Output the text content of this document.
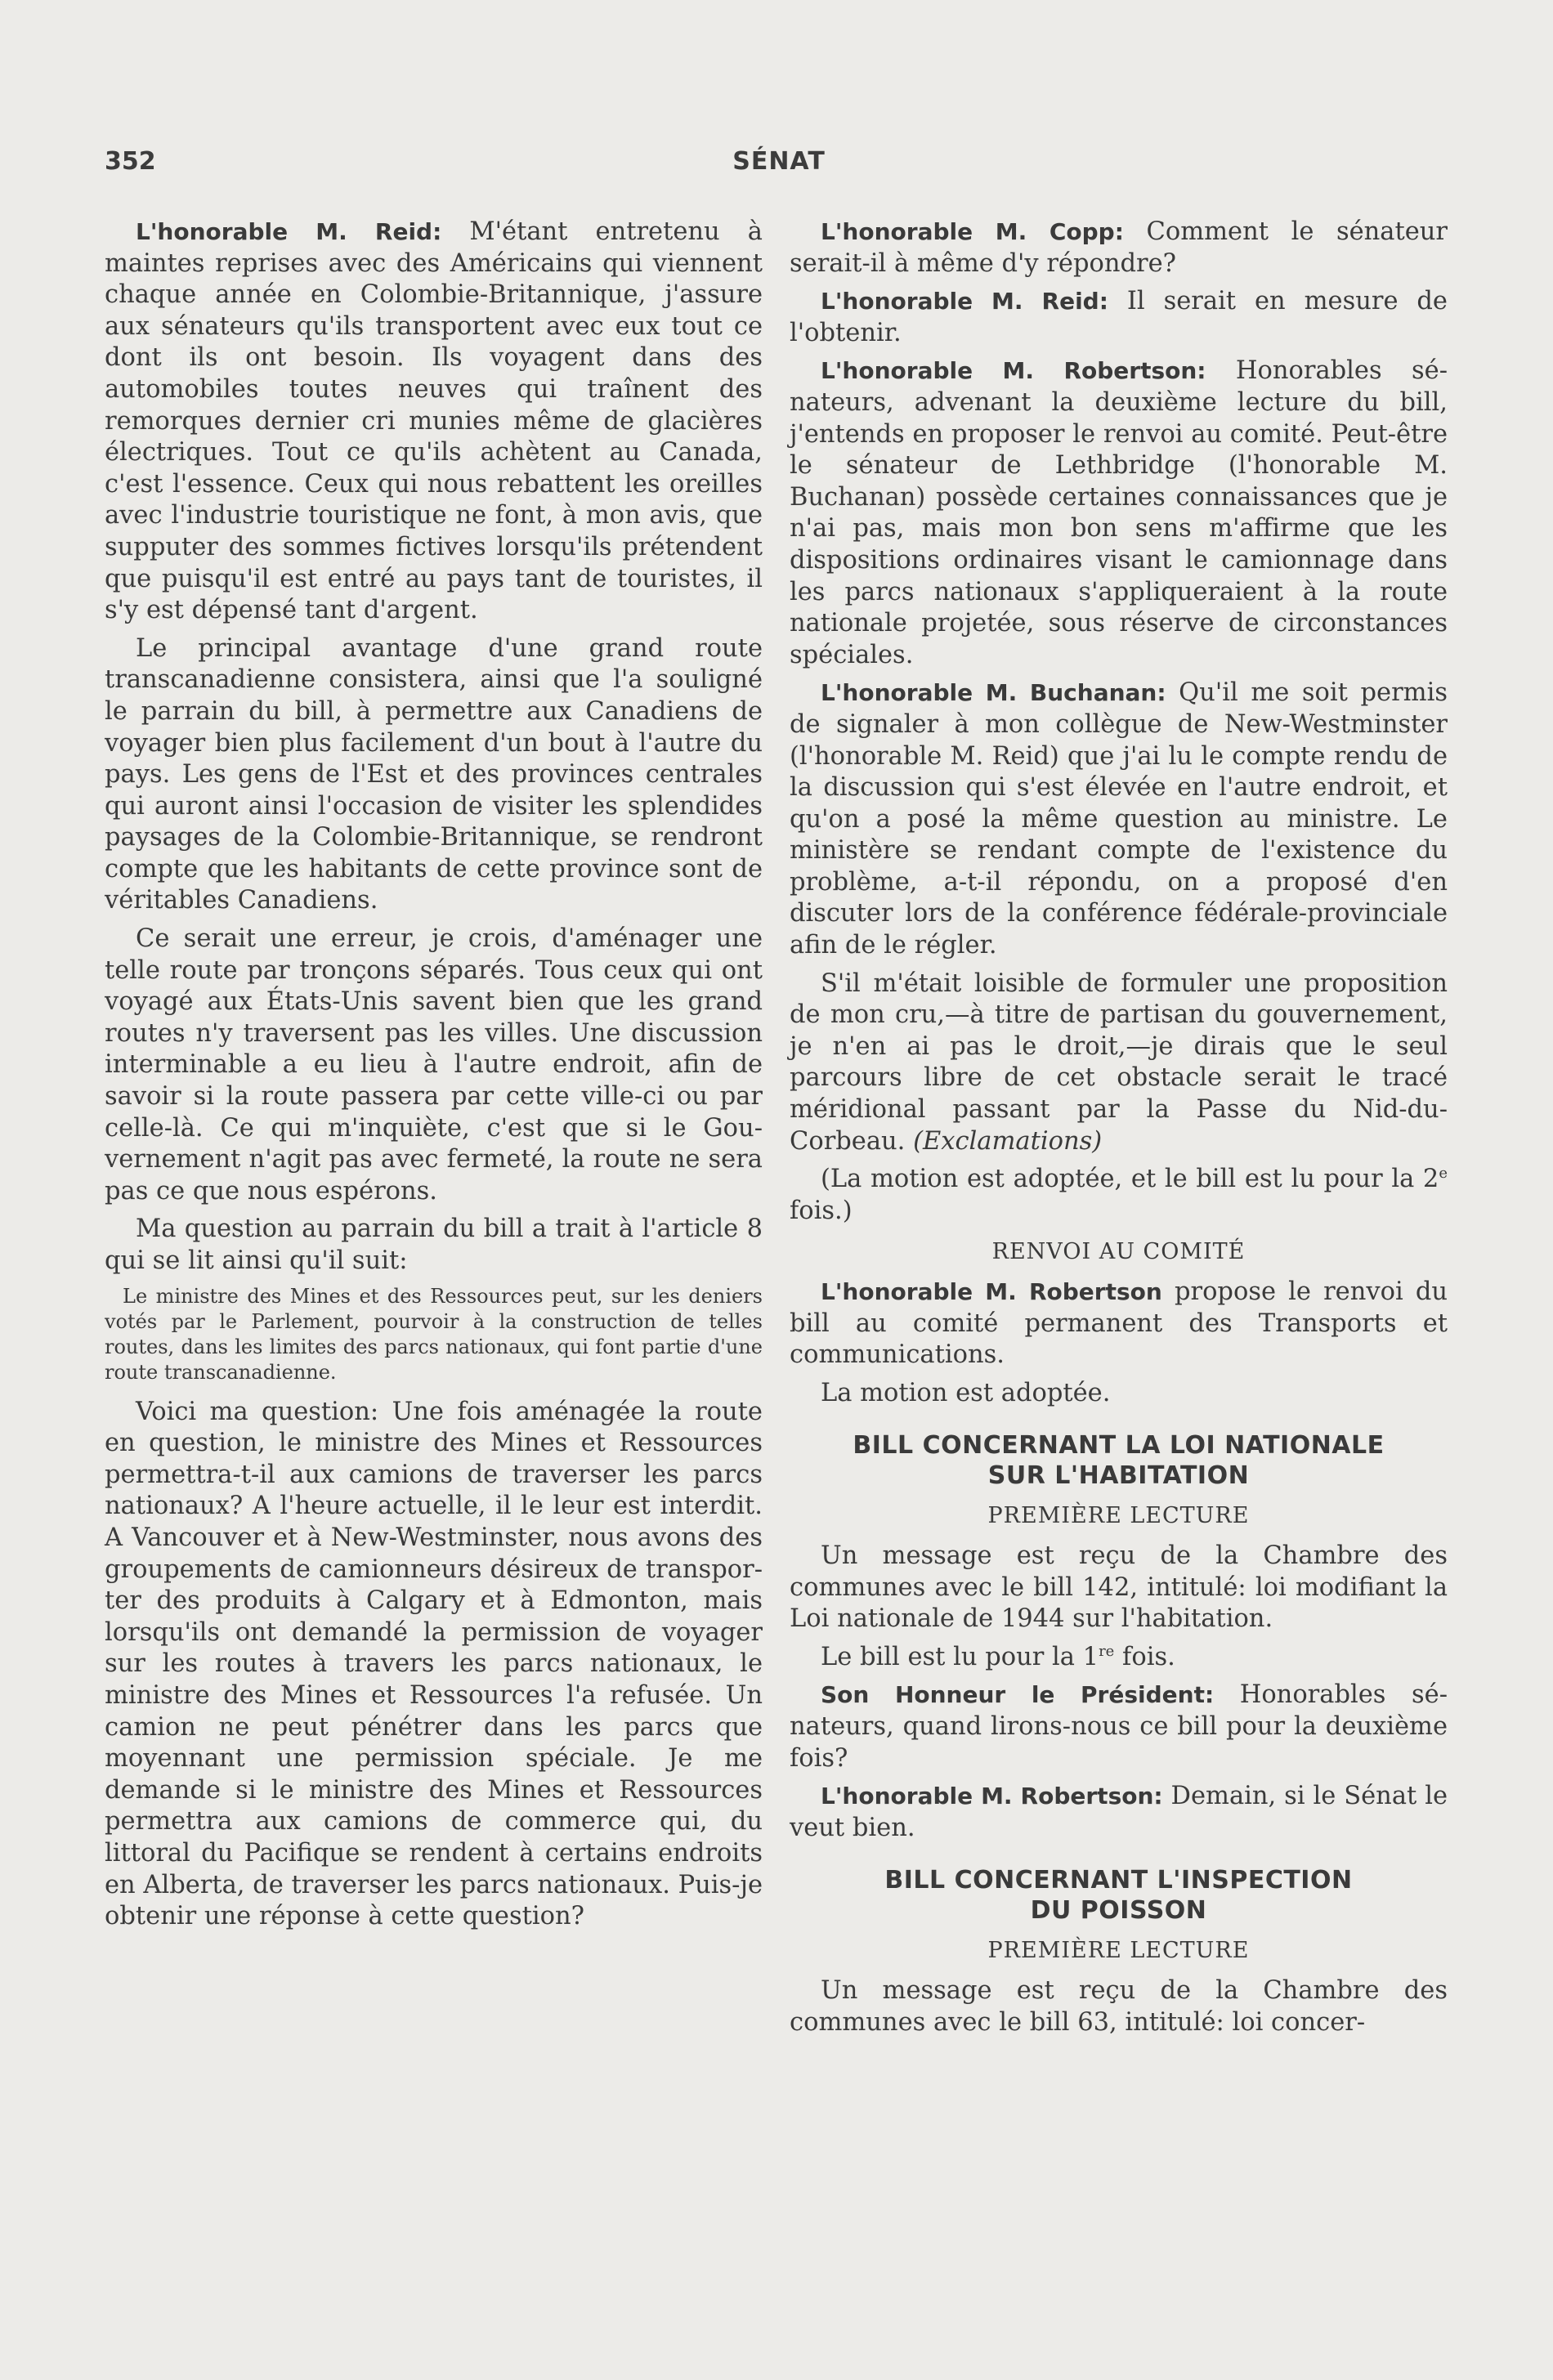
352	SÉNAT

L'honorable M. Reid: M'étant entretenu à maintes reprises avec des Américains qui viennent chaque année en Colombie-Britannique, j'assure aux sénateurs qu'ils transportent avec eux tout ce dont ils ont besoin. Ils voyagent dans des automobiles toutes neuves qui traînent des remorques dernier cri munies même de glacières électriques. Tout ce qu'ils achètent au Canada, c'est l'essence. Ceux qui nous rebattent les oreilles avec l'industrie touristique ne font, à mon avis, que supputer des sommes fictives lorsqu'ils prétendent que puisqu'il est entré au pays tant de touristes, il s'y est dépensé tant d'argent.

Le principal avantage d'une grand route transcanadienne consistera, ainsi que l'a souligné le parrain du bill, à permettre aux Canadiens de voyager bien plus facilement d'un bout à l'autre du pays. Les gens de l'Est et des provinces centrales qui auront ainsi l'occasion de visiter les splendides paysages de la Colombie-Britannique, se rendront compte que les habitants de cette province sont de véritables Canadiens.

Ce serait une erreur, je crois, d'aménager une telle route par tronçons séparés. Tous ceux qui ont voyagé aux États-Unis savent bien que les grand routes n'y traversent pas les villes. Une discussion interminable a eu lieu à l'autre endroit, afin de savoir si la route passera par cette ville-ci ou par celle-là. Ce qui m'inquiète, c'est que si le Gouvernement n'agit pas avec fermeté, la route ne sera pas ce que nous espérons.

Ma question au parrain du bill a trait à l'article 8 qui se lit ainsi qu'il suit:

Le ministre des Mines et des Ressources peut, sur les deniers votés par le Parlement, pourvoir à la construction de telles routes, dans les limites des parcs nationaux, qui font partie d'une route transcanadienne.

Voici ma question: Une fois aménagée la route en question, le ministre des Mines et Ressources permettra-t-il aux camions de traverser les parcs nationaux? A l'heure actuelle, il le leur est interdit. A Vancouver et à New-Westminster, nous avons des groupements de camionneurs désireux de transporter des produits à Calgary et à Edmonton, mais lorsqu'ils ont demandé la permission de voyager sur les routes à travers les parcs nationaux, le ministre des Mines et Ressources l'a refusée. Un camion ne peut pénétrer dans les parcs que moyennant une permission spéciale. Je me demande si le ministre des Mines et Ressources permettra aux camions de commerce qui, du littoral du Pacifique se rendent à certains endroits en Alberta, de traverser les parcs nationaux. Puis-je obtenir une réponse à cette question?

L'honorable M. Copp: Comment le sénateur serait-il à même d'y répondre?

L'honorable M. Reid: Il serait en mesure de l'obtenir.

L'honorable M. Robertson: Honorables sénateurs, advenant la deuxième lecture du bill, j'entends en proposer le renvoi au comité. Peut-être le sénateur de Lethbridge (l'honorable M. Buchanan) possède certaines connaissances que je n'ai pas, mais mon bon sens m'affirme que les dispositions ordinaires visant le camionnage dans les parcs nationaux s'appliqueraient à la route nationale projetée, sous réserve de circonstances spéciales.

L'honorable M. Buchanan: Qu'il me soit permis de signaler à mon collègue de New-Westminster (l'honorable M. Reid) que j'ai lu le compte rendu de la discussion qui s'est élevée en l'autre endroit, et qu'on a posé la même question au ministre. Le ministère se rendant compte de l'existence du problème, a-t-il répondu, on a proposé d'en discuter lors de la conférence fédérale-provinciale afin de le régler.

S'il m'était loisible de formuler une proposition de mon cru,—à titre de partisan du gouvernement, je n'en ai pas le droit,—je dirais que le seul parcours libre de cet obstacle serait le tracé méridional passant par la Passe du Nid-du-Corbeau. (Exclamations)

(La motion est adoptée, et le bill est lu pour la 2e fois.)

RENVOI AU COMITÉ

L'honorable M. Robertson propose le renvoi du bill au comité permanent des Transports et communications.

La motion est adoptée.

BILL CONCERNANT LA LOI NATIONALE
SUR L'HABITATION
PREMIÈRE LECTURE

Un message est reçu de la Chambre des communes avec le bill 142, intitulé: loi modifiant la Loi nationale de 1944 sur l'habitation.

Le bill est lu pour la 1re fois.

Son Honneur le Président: Honorables sénateurs, quand lirons-nous ce bill pour la deuxième fois?

L'honorable M. Robertson: Demain, si le Sénat le veut bien.

BILL CONCERNANT L'INSPECTION
DU POISSON
PREMIÈRE LECTURE

Un message est reçu de la Chambre des communes avec le bill 63, intitulé: loi concer-
